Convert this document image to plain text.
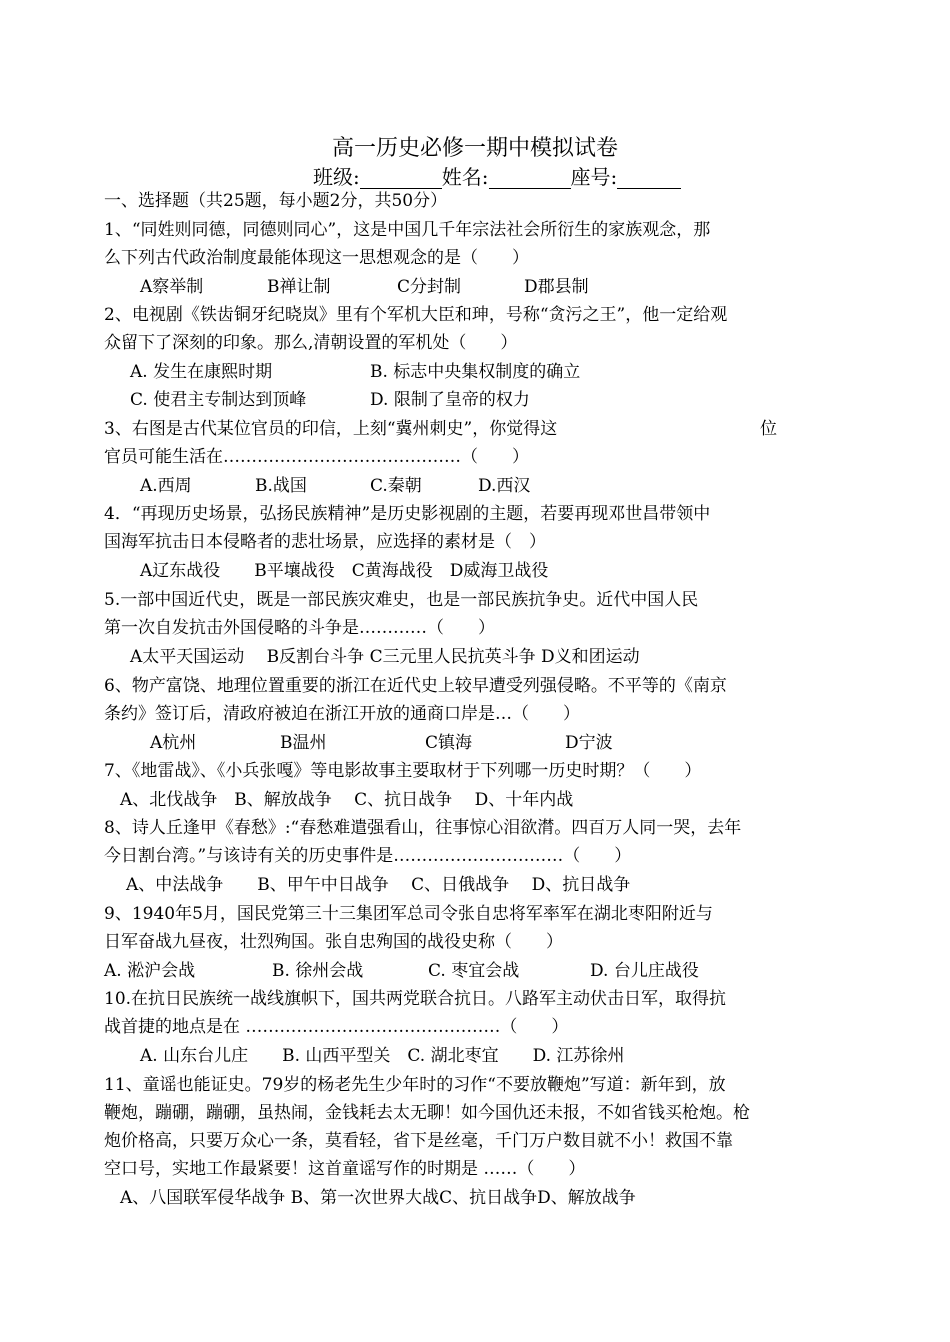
高一历史必修一期中模拟试卷
班级:	姓名:	座号:
一、选择题（共25题，每小题2分，共50分）
1、“同姓则同德，同德则同心”，这是中国几千年宗法社会所衍生的家族观念，那
么下列古代政治制度最能体现这一思想观念的是（　　）
A察举制	B禅让制	C分封制	D郡县制
2、电视剧《铁齿铜牙纪晓岚》里有个军机大臣和珅，号称“贪污之王”，他一定给观
众留下了深刻的印象。那么,清朝设置的军机处（　　）
A. 发生在康熙时期	B. 标志中央集权制度的确立
C. 使君主专制达到顶峰	D. 限制了皇帝的权力
3、右图是古代某位官员的印信，上刻“冀州刺史”，你觉得这	位
官员可能生活在……………………………………（　　）
A.西周	B.战国	C.秦朝	D.西汉
4．“再现历史场景，弘扬民族精神”是历史影视剧的主题，若要再现邓世昌带领中
国海军抗击日本侵略者的悲壮场景，应选择的素材是（　）
A辽东战役　　B平壤战役　C黄海战役　D威海卫战役
5.一部中国近代史，既是一部民族灾难史，也是一部民族抗争史。近代中国人民
第一次自发抗击外国侵略的斗争是…………（　　）
A太平天国运动　 B反割台斗争 C三元里人民抗英斗争 D义和团运动
6、物产富饶、地理位置重要的浙江在近代史上较早遭受列强侵略。不平等的《南京
条约》签订后，清政府被迫在浙江开放的通商口岸是…（　　）
A杭州	B温州	C镇海	D宁波
7、《地雷战》、《小兵张嘎》等电影故事主要取材于下列哪一历史时期？（　　）
A、北伐战争　B、解放战争　 C、抗日战争　 D、十年内战
8、诗人丘逢甲《春愁》:“春愁难遣强看山，往事惊心泪欲潸。四百万人同一哭，去年
今日割台湾。”与该诗有关的历史事件是…………………………（　　）
A、中法战争　　B、甲午中日战争　 C、日俄战争　 D、抗日战争
9、1940年5月，国民党第三十三集团军总司令张自忠将军率军在湖北枣阳附近与
日军奋战九昼夜，壮烈殉国。张自忠殉国的战役史称（　　）
A. 淞沪会战	B. 徐州会战	C. 枣宜会战	D. 台儿庄战役
10.在抗日民族统一战线旗帜下，国共两党联合抗日。八路军主动伏击日军，取得抗
战首捷的地点是在 ………………………………………（　　）
A. 山东台儿庄　　B. 山西平型关　C. 湖北枣宜　　D. 江苏徐州
11、童谣也能证史。79岁的杨老先生少年时的习作“不要放鞭炮”写道：新年到，放
鞭炮，蹦硼，蹦硼，虽热闹，金钱耗去太无聊！如今国仇还未报，不如省钱买枪炮。枪
炮价格高，只要万众心一条，莫看轻，省下是丝毫，千门万户数目就不小！救国不靠
空口号，实地工作最紧要！这首童谣写作的时期是 ……（　　）
A、八国联军侵华战争 B、第一次世界大战C、抗日战争D、解放战争
